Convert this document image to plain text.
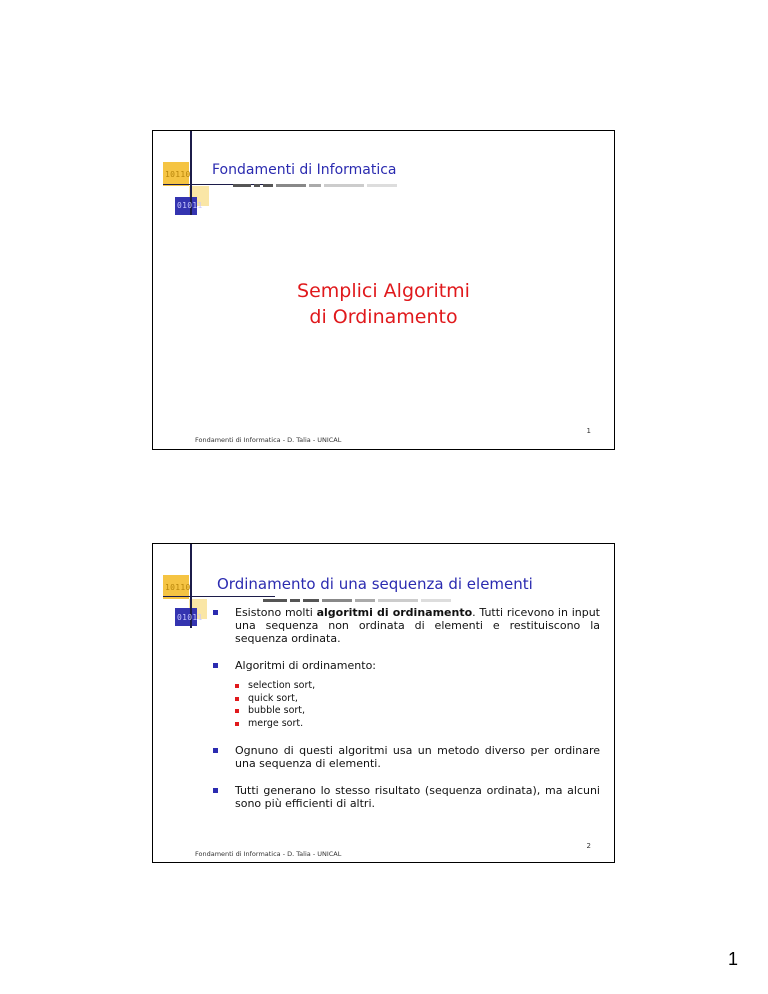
10110
01011
Fondamenti di Informatica
Semplici Algoritmi
di Ordinamento
Fondamenti di Informatica - D. Talia - UNICAL
1
10110
01011
Ordinamento di una sequenza di elementi
Esistono molti algoritmi di ordinamento. Tutti ricevono in input una sequenza non ordinata di elementi e restituiscono la sequenza ordinata.
Algoritmi di ordinamento:
selection sort,
quick sort,
bubble sort,
merge sort.
Ognuno di questi algoritmi usa un metodo diverso per ordinare una sequenza di elementi.
Tutti generano lo stesso risultato (sequenza ordinata), ma alcuni sono più efficienti di altri.
Fondamenti di Informatica - D. Talia - UNICAL
2
1
